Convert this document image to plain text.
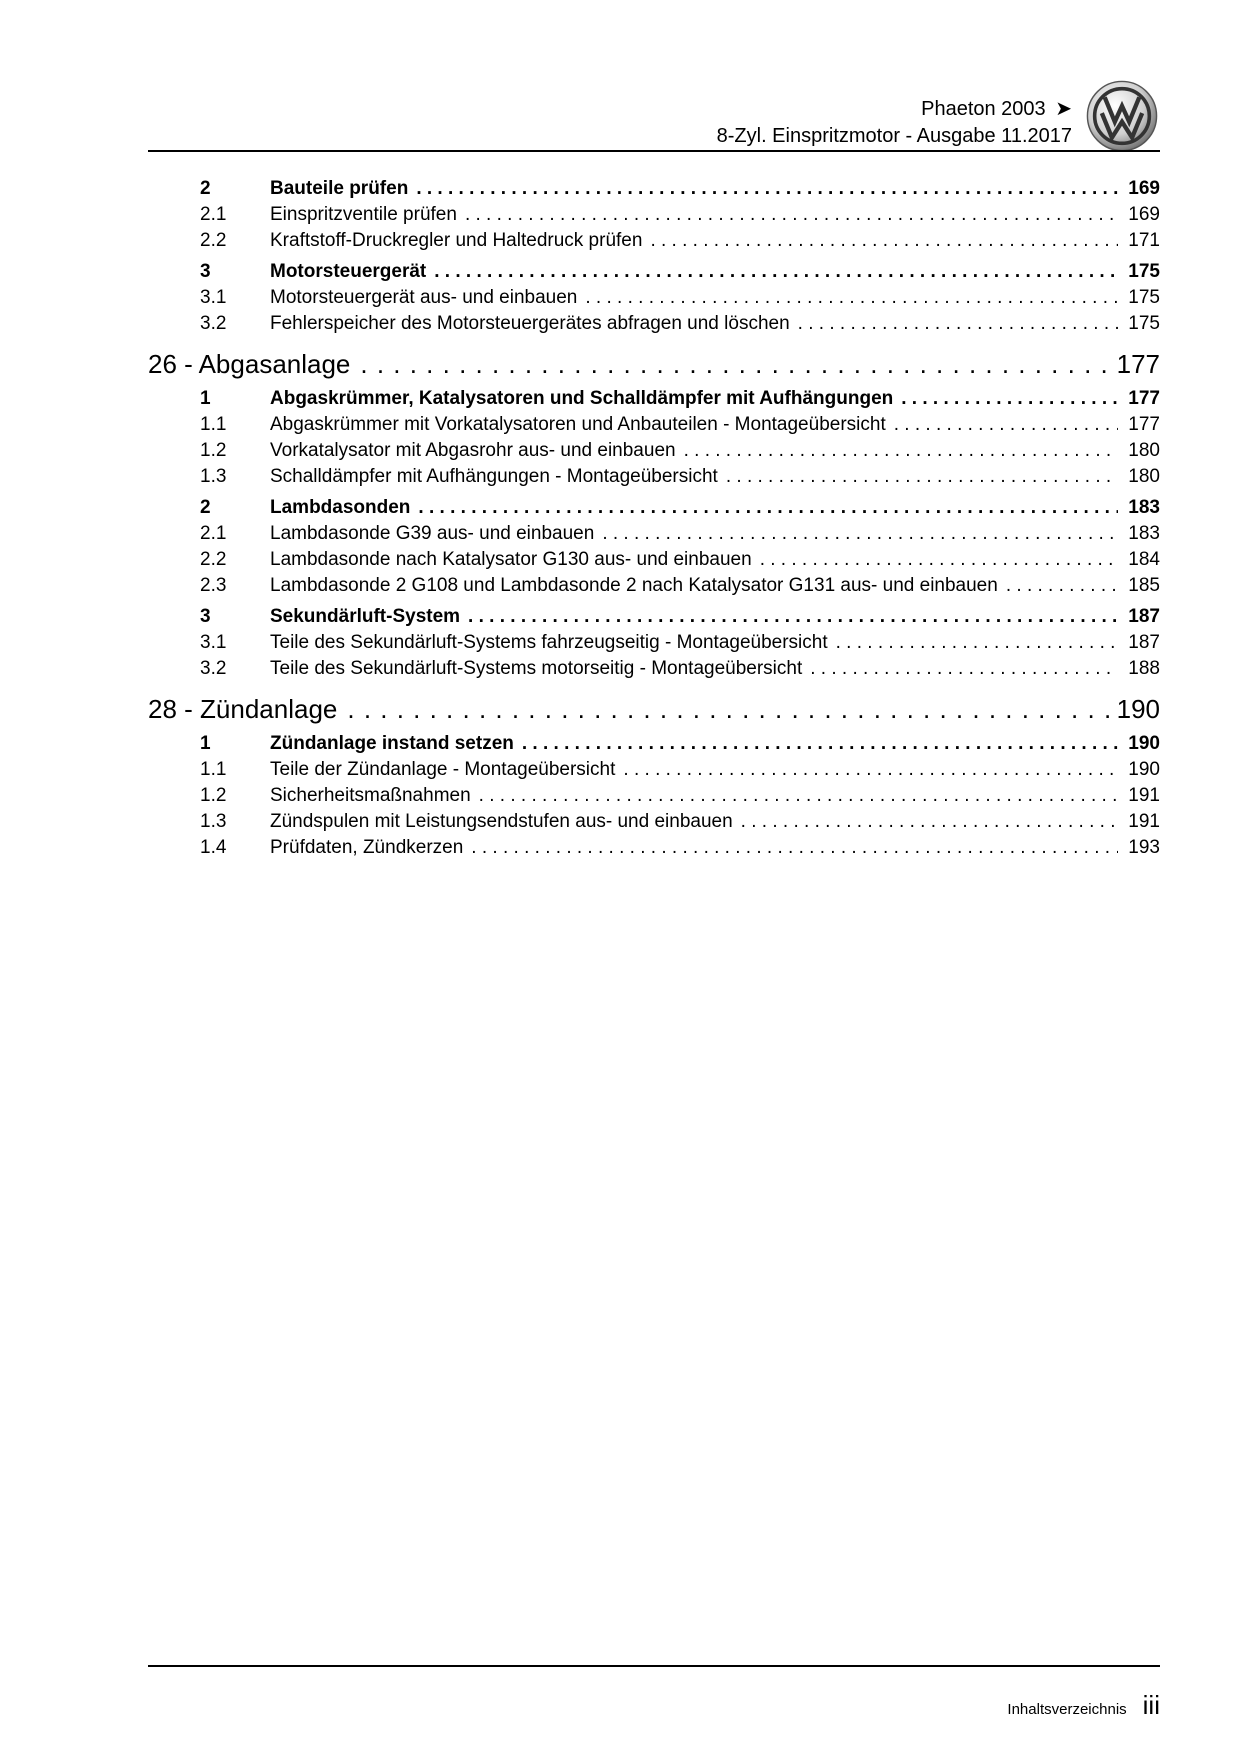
Phaeton 2003 ➤
8-Zyl. Einspritzmotor - Ausgabe 11.2017
2	Bauteile prüfen . . .	169
2.1	Einspritzventile prüfen . . .	169
2.2	Kraftstoff-Druckregler und Haltedruck prüfen . . .	171
3	Motorsteuergerät . . .	175
3.1	Motorsteuergerät aus- und einbauen . . .	175
3.2	Fehlerspeicher des Motorsteuergerätes abfragen und löschen . . .	175
26 - Abgasanlage . . .	177
1	Abgaskrümmer, Katalysatoren und Schalldämpfer mit Aufhängungen . . .	177
1.1	Abgaskrümmer mit Vorkatalysatoren und Anbauteilen - Montageübersicht . . .	177
1.2	Vorkatalysator mit Abgasrohr aus- und einbauen . . .	180
1.3	Schalldämpfer mit Aufhängungen - Montageübersicht . . .	180
2	Lambdasonden . . .	183
2.1	Lambdasonde G39 aus- und einbauen . . .	183
2.2	Lambdasonde nach Katalysator G130 aus- und einbauen . . .	184
2.3	Lambdasonde 2 G108 und Lambdasonde 2 nach Katalysator G131 aus- und einbauen . . .	185
3	Sekundärluft-System . . .	187
3.1	Teile des Sekundärluft-Systems fahrzeugseitig - Montageübersicht . . .	187
3.2	Teile des Sekundärluft-Systems motorseitig - Montageübersicht . . .	188
28 - Zündanlage . . .	190
1	Zündanlage instand setzen . . .	190
1.1	Teile der Zündanlage - Montageübersicht . . .	190
1.2	Sicherheitsmaßnahmen . . .	191
1.3	Zündspulen mit Leistungsendstufen aus- und einbauen . . .	191
1.4	Prüfdaten, Zündkerzen . . .	193
Inhaltsverzeichnis iii
